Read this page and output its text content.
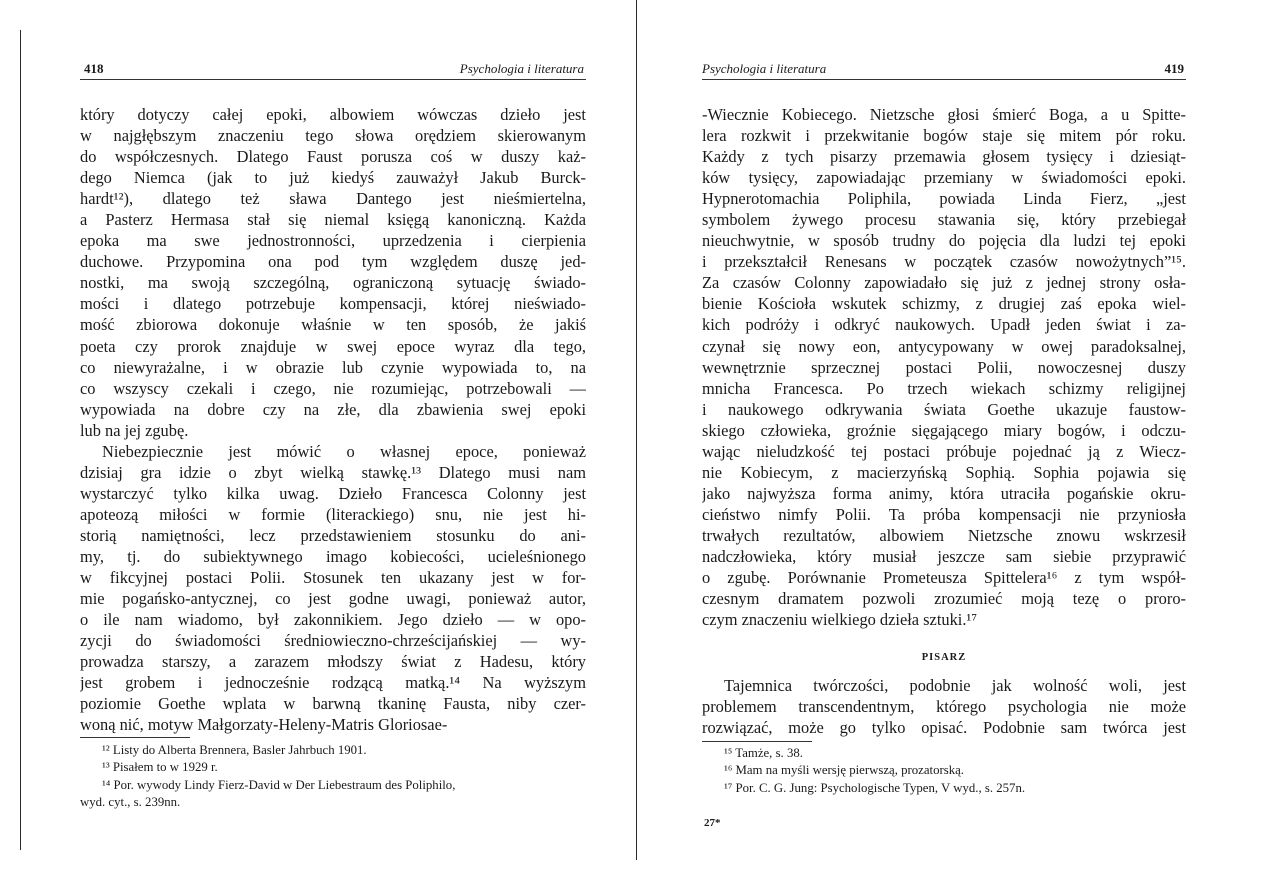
418	Psychologia i literatura
który dotyczy całej epoki, albowiem wówczas dzieło jest
w najgłębszym znaczeniu tego słowa orędziem skierowanym
do współczesnych. Dlatego Faust porusza coś w duszy każ-
dego Niemca (jak to już kiedyś zauważył Jakub Burck-
hardt¹²), dlatego też sława Dantego jest nieśmiertelna,
a Pasterz Hermasa stał się niemal księgą kanoniczną. Każda
epoka ma swe jednostronności, uprzedzenia i cierpienia
duchowe. Przypomina ona pod tym względem duszę jed-
nostki, ma swoją szczególną, ograniczoną sytuację świado-
mości i dlatego potrzebuje kompensacji, której nieświado-
mość zbiorowa dokonuje właśnie w ten sposób, że jakiś
poeta czy prorok znajduje w swej epoce wyraz dla tego,
co niewyrażalne, i w obrazie lub czynie wypowiada to, na
co wszyscy czekali i czego, nie rozumiejąc, potrzebowali —
wypowiada na dobre czy na złe, dla zbawienia swej epoki
lub na jej zgubę.
Niebezpiecznie jest mówić o własnej epoce, ponieważ
dzisiaj gra idzie o zbyt wielką stawkę.¹³ Dlatego musi nam
wystarczyć tylko kilka uwag. Dzieło Francesca Colonny jest
apoteozą miłości w formie (literackiego) snu, nie jest hi-
storią namiętności, lecz przedstawieniem stosunku do ani-
my, tj. do subiektywnego imago kobiecości, ucieleśnionego
w fikcyjnej postaci Polii. Stosunek ten ukazany jest w for-
mie pogańsko-antycznej, co jest godne uwagi, ponieważ autor,
o ile nam wiadomo, był zakonnikiem. Jego dzieło — w opo-
zycji do świadomości średniowieczno-chrześcijańskiej — wy-
prowadza starszy, a zarazem młodszy świat z Hadesu, który
jest grobem i jednocześnie rodzącą matką.¹⁴ Na wyższym
poziomie Goethe wplata w barwną tkaninę Fausta, niby czer-
woną nić, motyw Małgorzaty-Heleny-Matris Gloriosae-
¹² Listy do Alberta Brennera, Basler Jahrbuch 1901.
¹³ Pisałem to w 1929 r.
¹⁴ Por. wywody Lindy Fierz-David w Der Liebestraum des Poliphilo,
wyd. cyt., s. 239nn.
Psychologia i literatura	419
-Wiecznie Kobiecego. Nietzsche głosi śmierć Boga, a u Spitte-
lera rozkwit i przekwitanie bogów staje się mitem pór roku.
Każdy z tych pisarzy przemawia głosem tysięcy i dziesiąt-
ków tysięcy, zapowiadając przemiany w świadomości epoki.
Hypnerotomachia Poliphila, powiada Linda Fierz, „jest
symbolem żywego procesu stawania się, który przebiegał
nieuchwytnie, w sposób trudny do pojęcia dla ludzi tej epoki
i przekształcił Renesans w początek czasów nowożytnych”¹⁵.
Za czasów Colonny zapowiadało się już z jednej strony osła-
bienie Kościoła wskutek schizmy, z drugiej zaś epoka wiel-
kich podróży i odkryć naukowych. Upadł jeden świat i za-
czynał się nowy eon, antycypowany w owej paradoksalnej,
wewnętrznie sprzecznej postaci Polii, nowoczesnej duszy
mnicha Francesca. Po trzech wiekach schizmy religijnej
i naukowego odkrywania świata Goethe ukazuje faustow-
skiego człowieka, groźnie sięgającego miary bogów, i odczu-
wając nieludzkość tej postaci próbuje pojednać ją z Wiecz-
nie Kobiecym, z macierzyńską Sophią. Sophia pojawia się
jako najwyższa forma animy, która utraciła pogańskie okru-
cieństwo nimfy Polii. Ta próba kompensacji nie przyniosła
trwałych rezultatów, albowiem Nietzsche znowu wskrzesił
nadczłowieka, który musiał jeszcze sam siebie przyprawić
o zgubę. Porównanie Prometeusza Spittelera¹⁶ z tym współ-
czesnym dramatem pozwoli zrozumieć moją tezę o proro-
czym znaczeniu wielkiego dzieła sztuki.¹⁷
PISARZ
Tajemnica twórczości, podobnie jak wolność woli, jest
problemem transcendentnym, którego psychologia nie może
rozwiązać, może go tylko opisać. Podobnie sam twórca jest
¹⁵ Tamże, s. 38.
¹⁶ Mam na myśli wersję pierwszą, prozatorską.
¹⁷ Por. C. G. Jung: Psychologische Typen, V wyd., s. 257n.
27*
